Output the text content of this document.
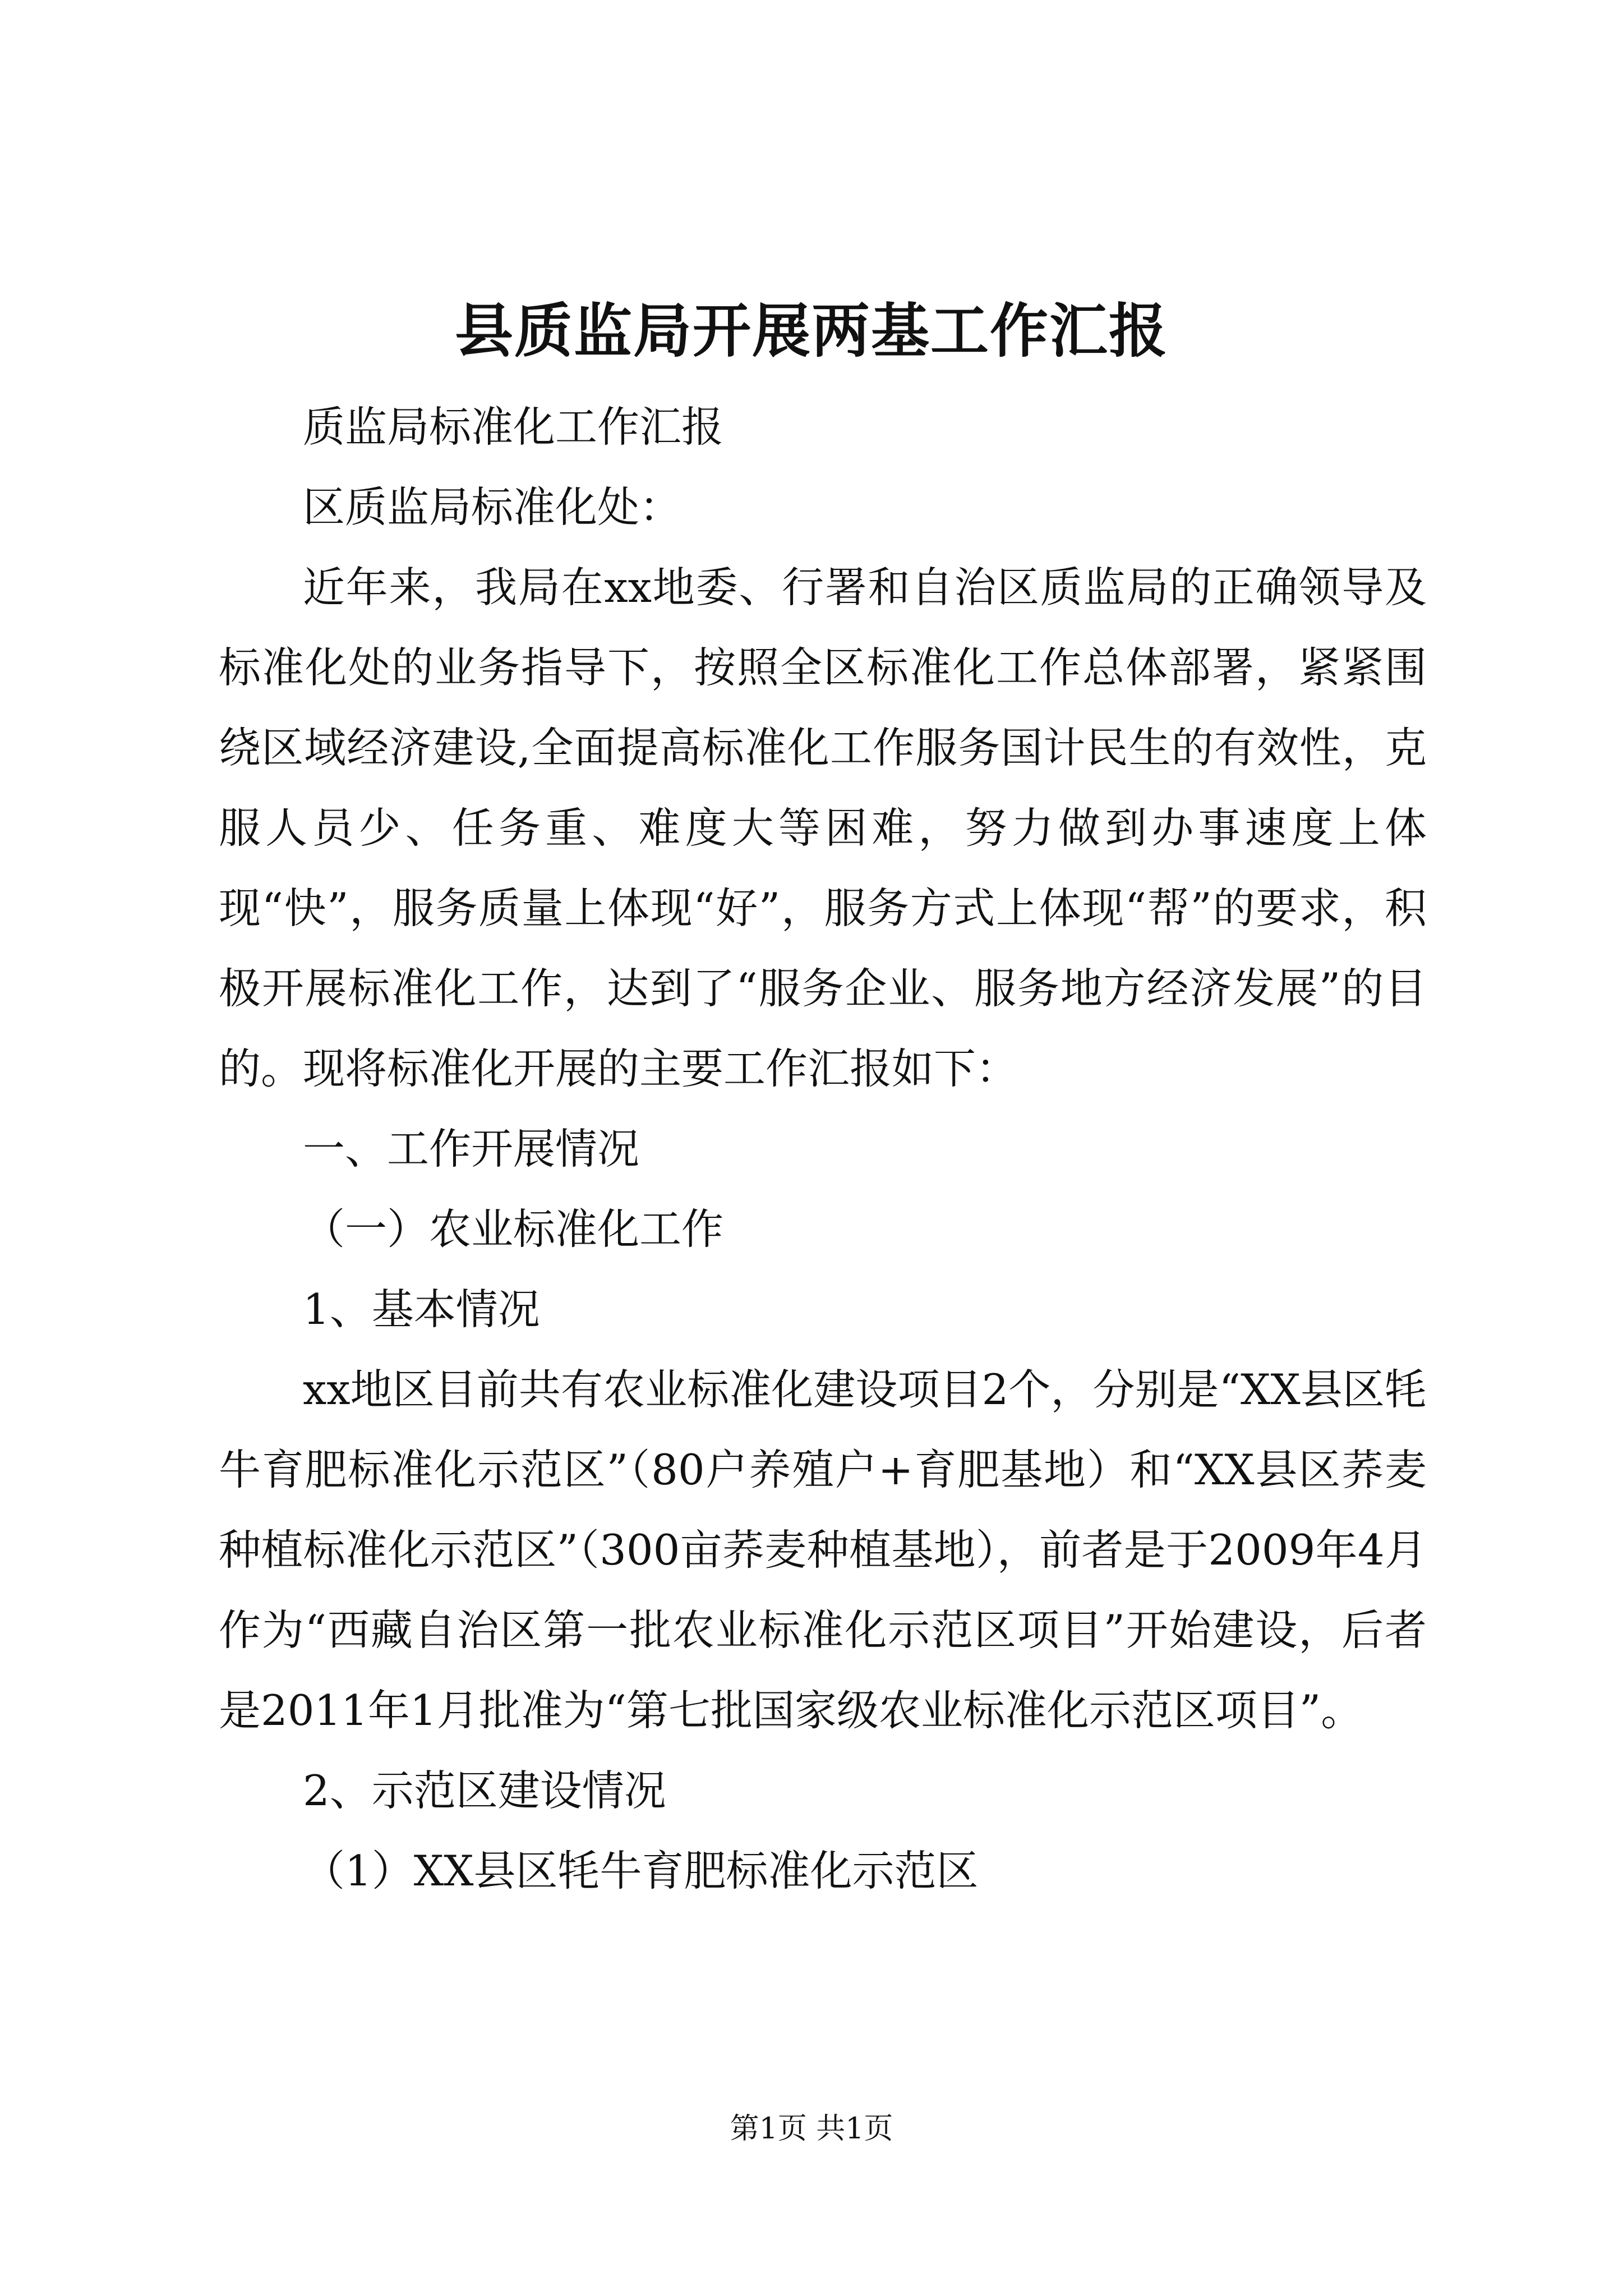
县质监局开展两基工作汇报

质监局标准化工作汇报

区质监局标准化处：

近年来，我局在xx地委、行署和自治区质监局的正确领导及标准化处的业务指导下，按照全区标准化工作总体部署，紧紧围绕区域经济建设,全面提高标准化工作服务国计民生的有效性，克服人员少、任务重、难度大等困难，努力做到办事速度上体现“快”，服务质量上体现“好”，服务方式上体现“帮”的要求，积极开展标准化工作，达到了“服务企业、服务地方经济发展”的目的。现将标准化开展的主要工作汇报如下：

一、工作开展情况

（一）农业标准化工作

1、基本情况

xx地区目前共有农业标准化建设项目2个，分别是“XX县区牦牛育肥标准化示范区”（80户养殖户+育肥基地）和“XX县区荞麦种植标准化示范区”（300亩荞麦种植基地），前者是于2009年4月作为“西藏自治区第一批农业标准化示范区项目”开始建设，后者是2011年1月批准为“第七批国家级农业标准化示范区项目”。

2、示范区建设情况

（1）XX县区牦牛育肥标准化示范区

第1页 共1页
